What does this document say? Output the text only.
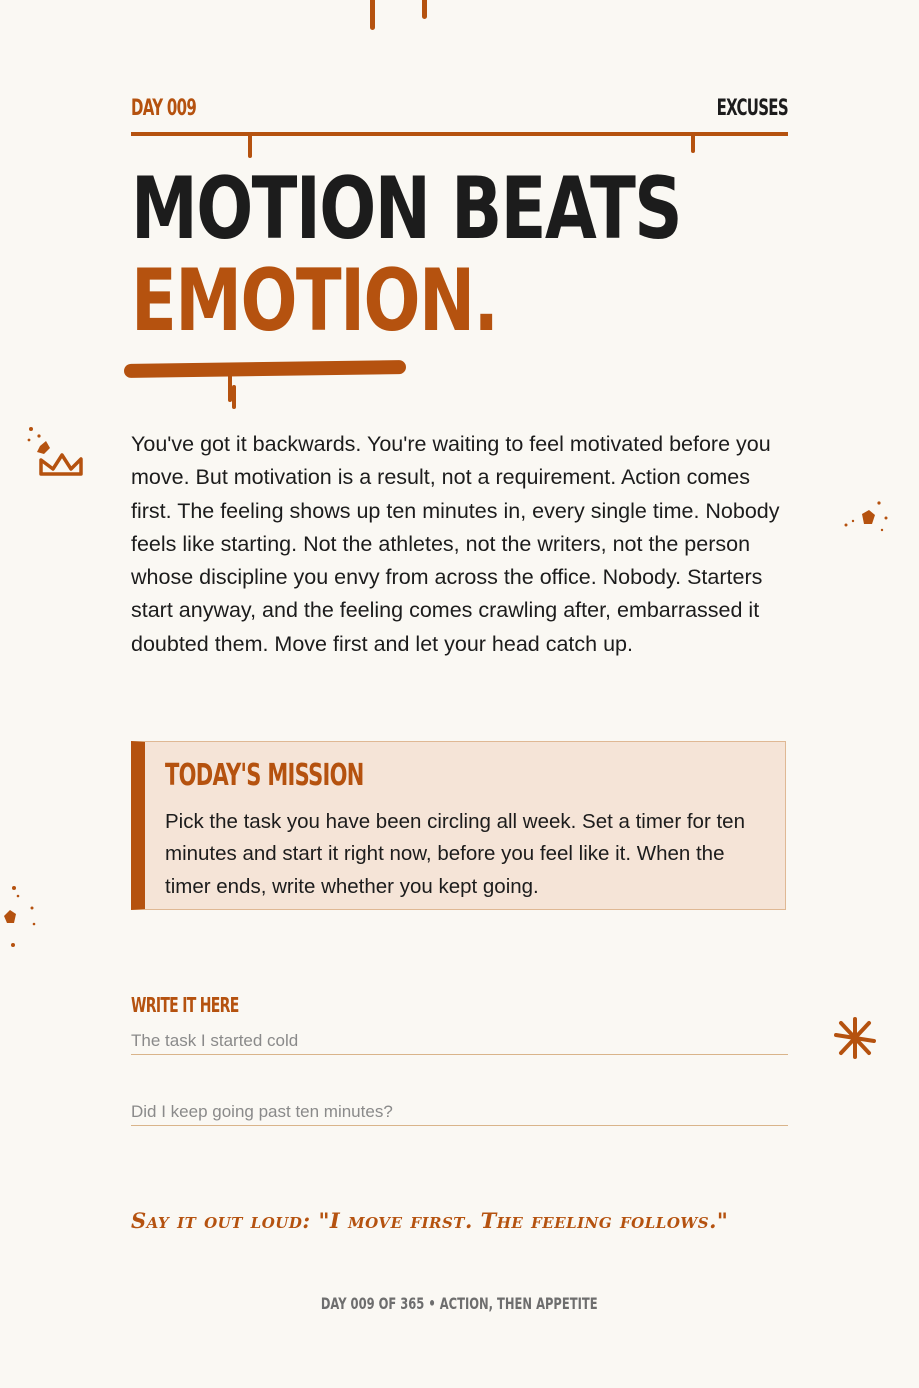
DAY 009	EXCUSES
MOTION BEATS
EMOTION.

You've got it backwards. You're waiting to feel motivated before you move. But motivation is a result, not a requirement. Action comes first. The feeling shows up ten minutes in, every single time. Nobody feels like starting. Not the athletes, not the writers, not the person whose discipline you envy from across the office. Nobody. Starters start anyway, and the feeling comes crawling after, embarrassed it doubted them. Move first and let your head catch up.

TODAY'S MISSION

Pick the task you have been circling all week. Set a timer for ten minutes and start it right now, before you feel like it. When the timer ends, write whether you kept going.

WRITE IT HERE
The task I started cold
Did I keep going past ten minutes?
Say it out loud: "I move first. The feeling follows."
DAY 009 OF 365 • ACTION, THEN APPETITE
